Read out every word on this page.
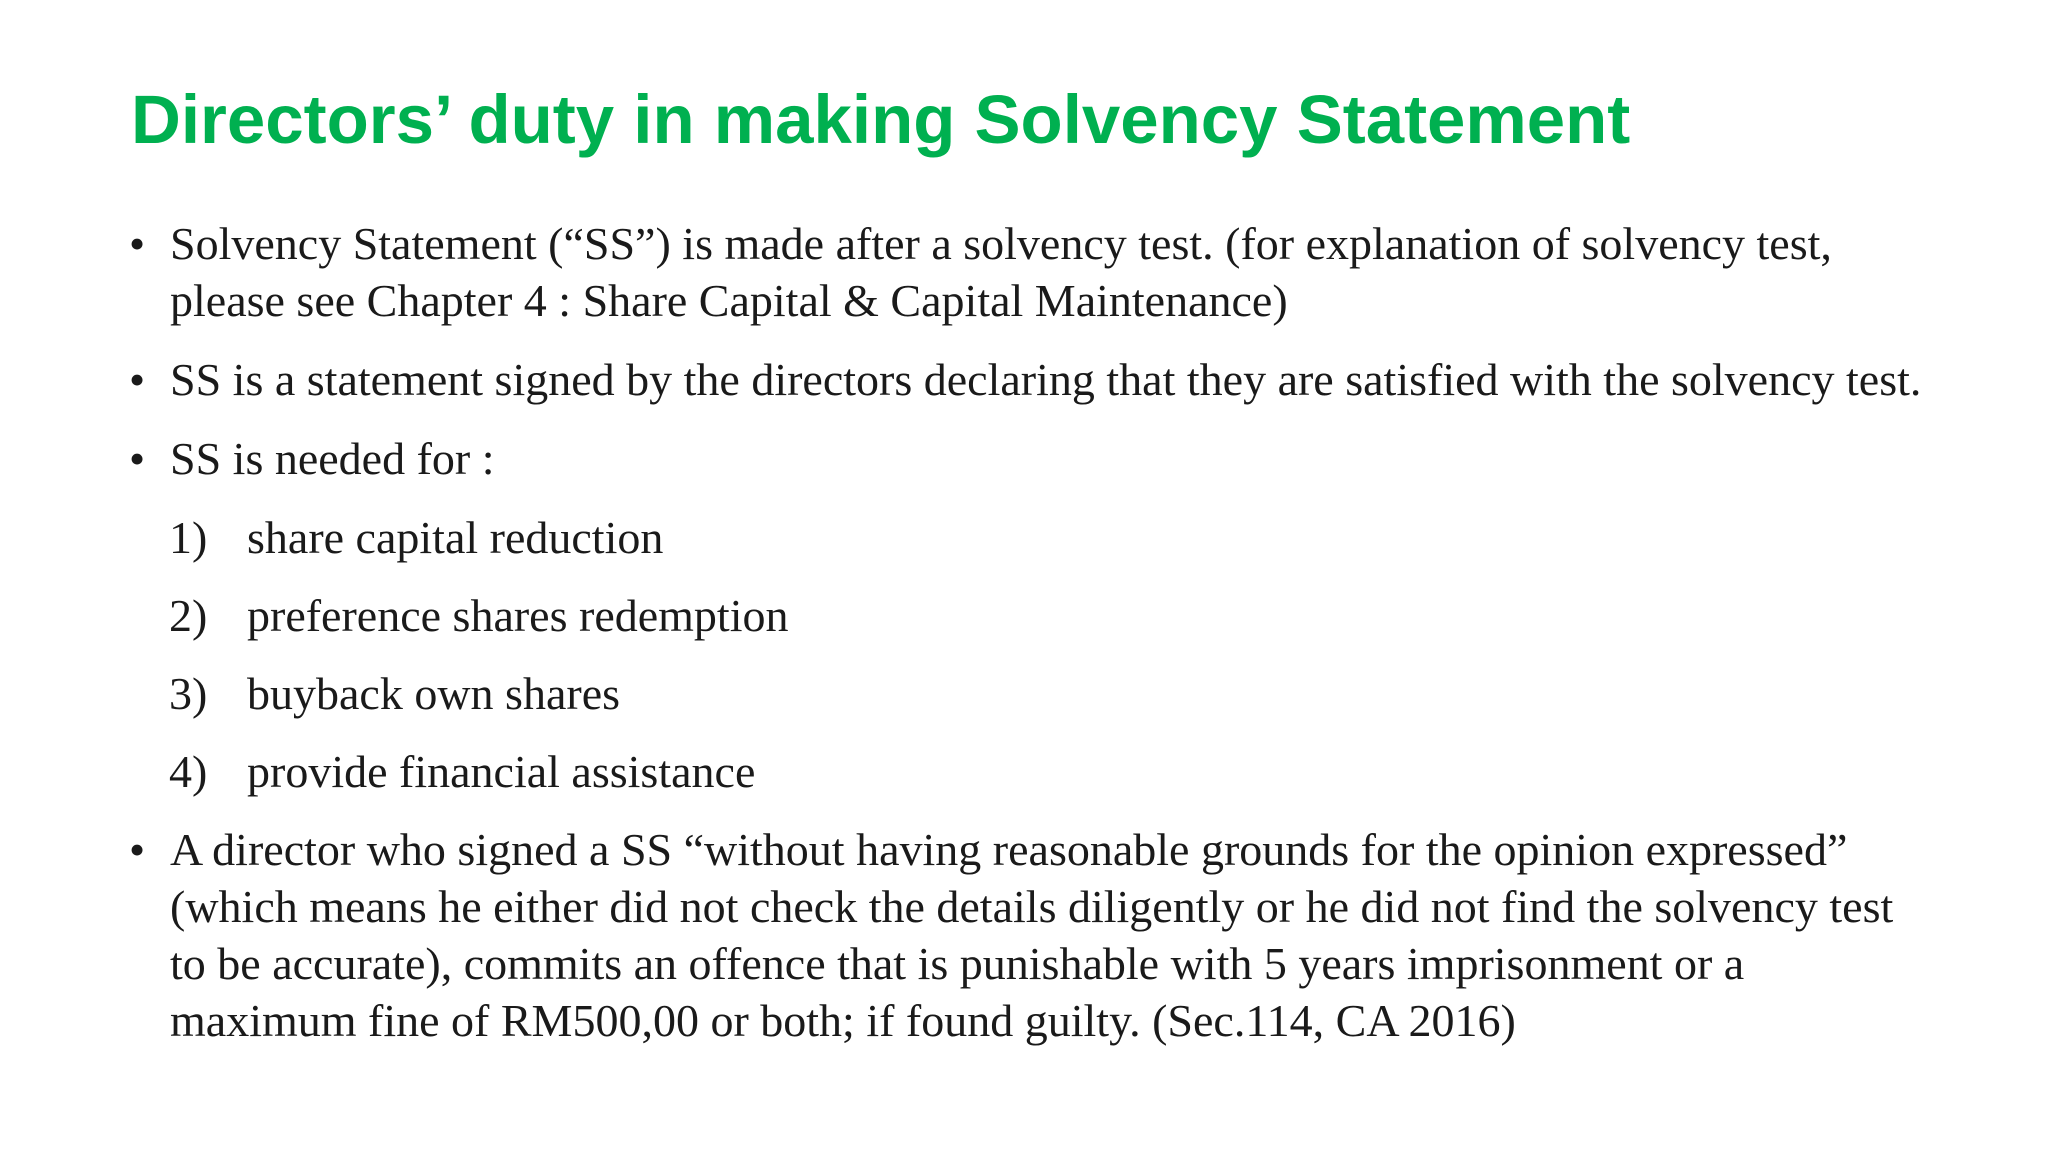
Directors’ duty in making Solvency Statement
• Solvency Statement (“SS”) is made after a solvency test. (for explanation of solvency test,
please see Chapter 4 : Share Capital & Capital Maintenance)
• SS is a statement signed by the directors declaring that they are satisfied with the solvency test.
• SS is needed for :
1) share capital reduction
2) preference shares redemption
3) buyback own shares
4) provide financial assistance
• A director who signed a SS “without having reasonable grounds for the opinion expressed”
(which means he either did not check the details diligently or he did not find the solvency test
to be accurate), commits an offence that is punishable with 5 years imprisonment or a
maximum fine of RM500,00 or both; if found guilty. (Sec.114, CA 2016)
